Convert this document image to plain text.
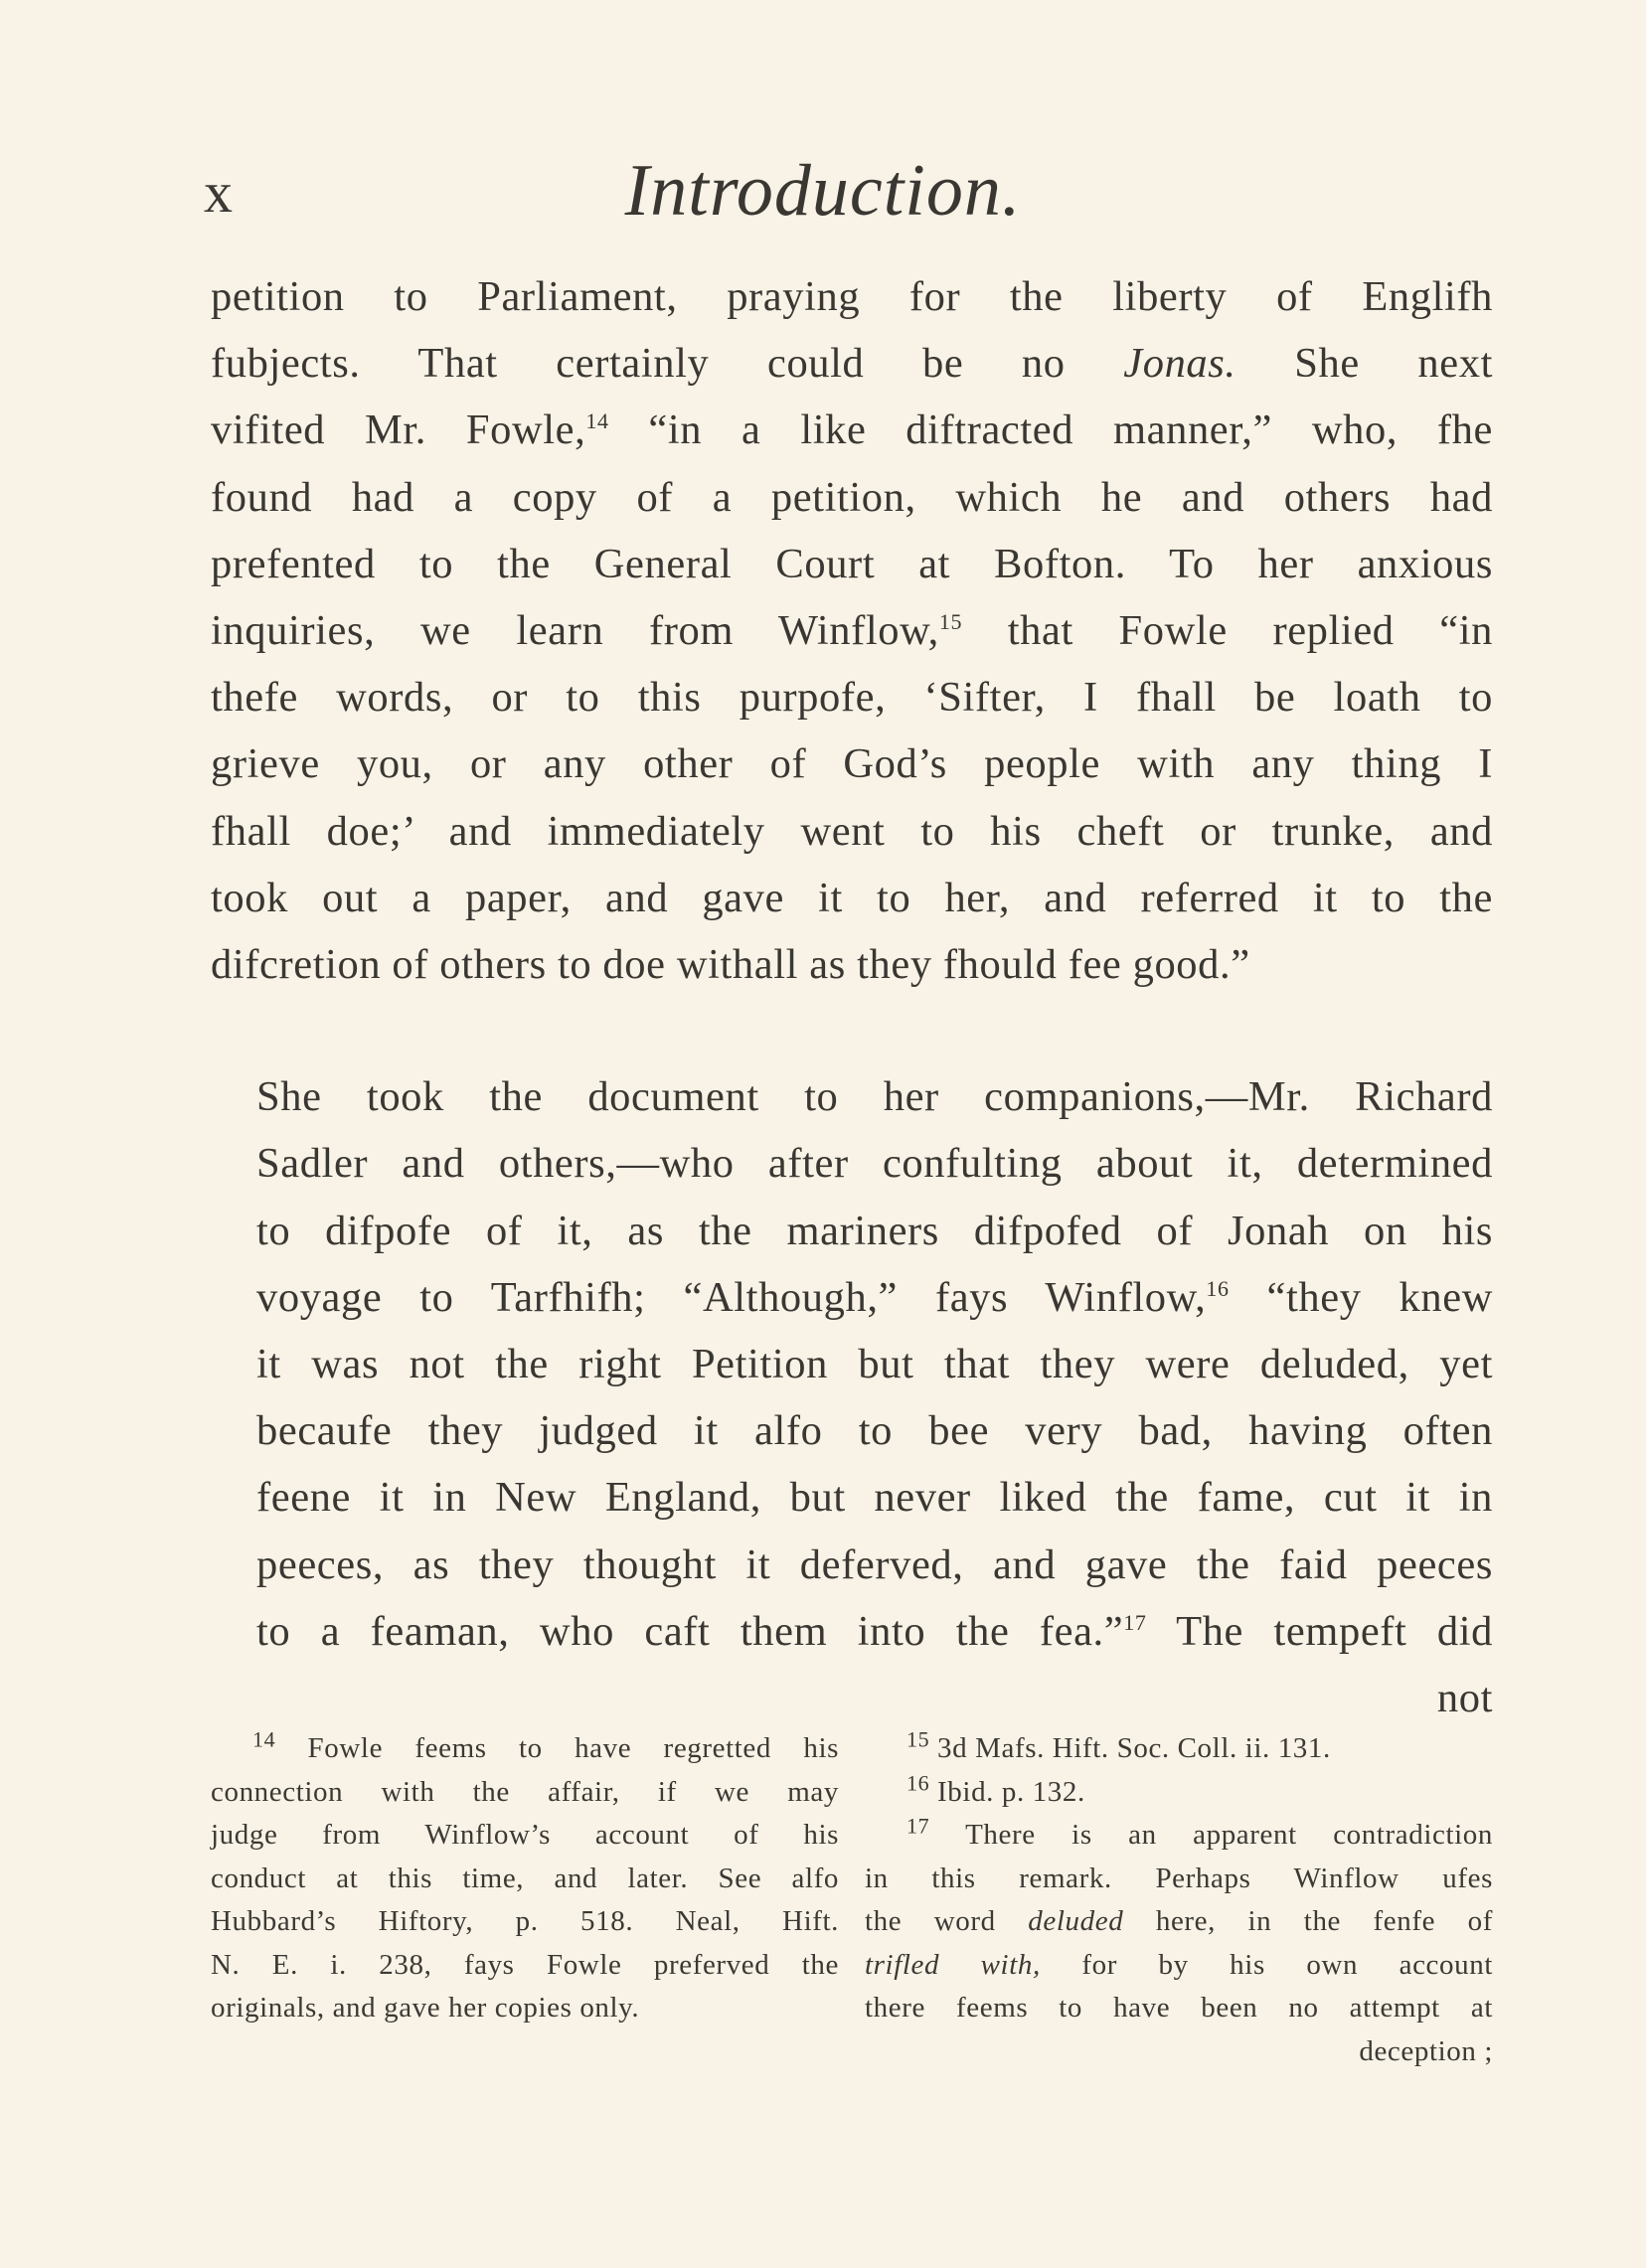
x	Introduction.

petition to Parliament, praying for the liberty of Englifh
fubjects. That certainly could be no Jonas. She next
vifited Mr. Fowle,$^{14}$ “in a like diftracted manner,” who, fhe
found had a copy of a petition, which he and others had
prefented to the General Court at Bofton. To her anxious
inquiries, we learn from Winflow,$^{15}$ that Fowle replied “in
thefe words, or to this purpofe, ‘Sifter, I fhall be loath to
grieve you, or any other of God’s people with any thing I
fhall doe;’ and immediately went to his cheft or trunke, and
took out a paper, and gave it to her, and referred it to the
difcretion of others to doe withall as they fhould fee good.”

She took the document to her companions,—Mr. Richard
Sadler and others,—who after confulting about it, determined
to difpofe of it, as the mariners difpofed of Jonah on his
voyage to Tarfhifh; “Although,” fays Winflow,$^{16}$ “they knew
it was not the right Petition but that they were deluded, yet
becaufe they judged it alfo to bee very bad, having often
feene it in New England, but never liked the fame, cut it in
peeces, as they thought it deferved, and gave the faid peeces
to a feaman, who caft them into the fea.”$^{17}$ The tempeft did

not
$^{14}$ Fowle feems to have regretted his
connection with the affair, if we may
judge from Winflow’s account of his
conduct at this time, and later. See alfo
Hubbard’s Hiftory, p. 518. Neal, Hift.
N. E. i. 238, fays Fowle preferved the
originals, and gave her copies only.
$^{15}$ 3d Mafs. Hift. Soc. Coll. ii. 131.
$^{16}$ Ibid. p. 132.
$^{17}$ There is an apparent contradiction
in this remark. Perhaps Winflow ufes
the word deluded here, in the fenfe of
trifled with, for by his own account
there feems to have been no attempt at
deception ;
